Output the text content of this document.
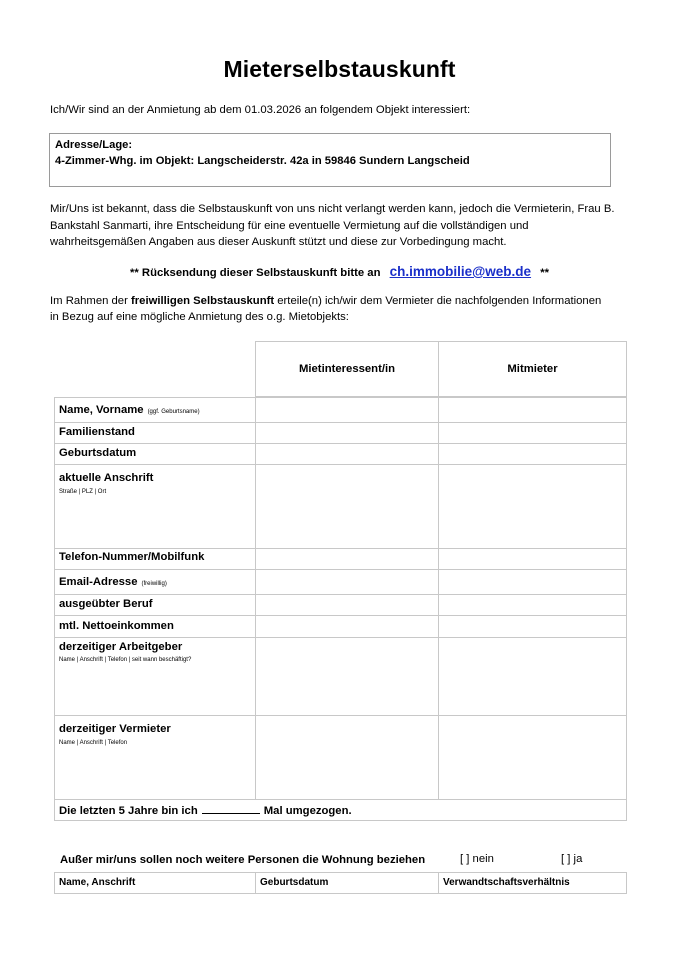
Mieterselbstauskunft
Ich/Wir sind an der Anmietung ab dem 01.03.2026 an folgendem Objekt interessiert:
Adresse/Lage:
4-Zimmer-Whg. im Objekt: Langscheiderstr. 42a in 59846 Sundern Langscheid
Mir/Uns ist bekannt, dass die Selbstauskunft von uns nicht verlangt werden kann, jedoch die Vermieterin, Frau B. Bankstahl Sanmarti, ihre Entscheidung für eine eventuelle Vermietung auf die vollständigen und wahrheitsgemäßen Angaben aus dieser Auskunft stützt und diese zur Vorbedingung macht.
** Rücksendung dieser Selbstauskunft bitte an ch.immobilie@web.de **
Im Rahmen der freiwilligen Selbstauskunft erteile(n) ich/wir dem Vermieter die nachfolgenden Informationen
in Bezug auf eine mögliche Anmietung des o.g. Mietobjekts:
Mietinteressent/in	Mitmieter
Name, Vorname (ggf. Geburtsname)
Familienstand
Geburtsdatum
aktuelle Anschrift
Straße | PLZ | Ort
Telefon-Nummer/Mobilfunk
Email-Adresse (freiwillig)
ausgeübter Beruf
mtl. Nettoeinkommen
derzeitiger Arbeitgeber
Name | Anschrift | Telefon | seit wann beschäftigt?
derzeitiger Vermieter
Name | Anschrift | Telefon
Die letzten 5 Jahre bin ich	Mal umgezogen.
Außer mir/uns sollen noch weitere Personen die Wohnung beziehen	[ ] nein	[ ] ja
Name, Anschrift	Geburtsdatum	Verwandtschaftsverhältnis
